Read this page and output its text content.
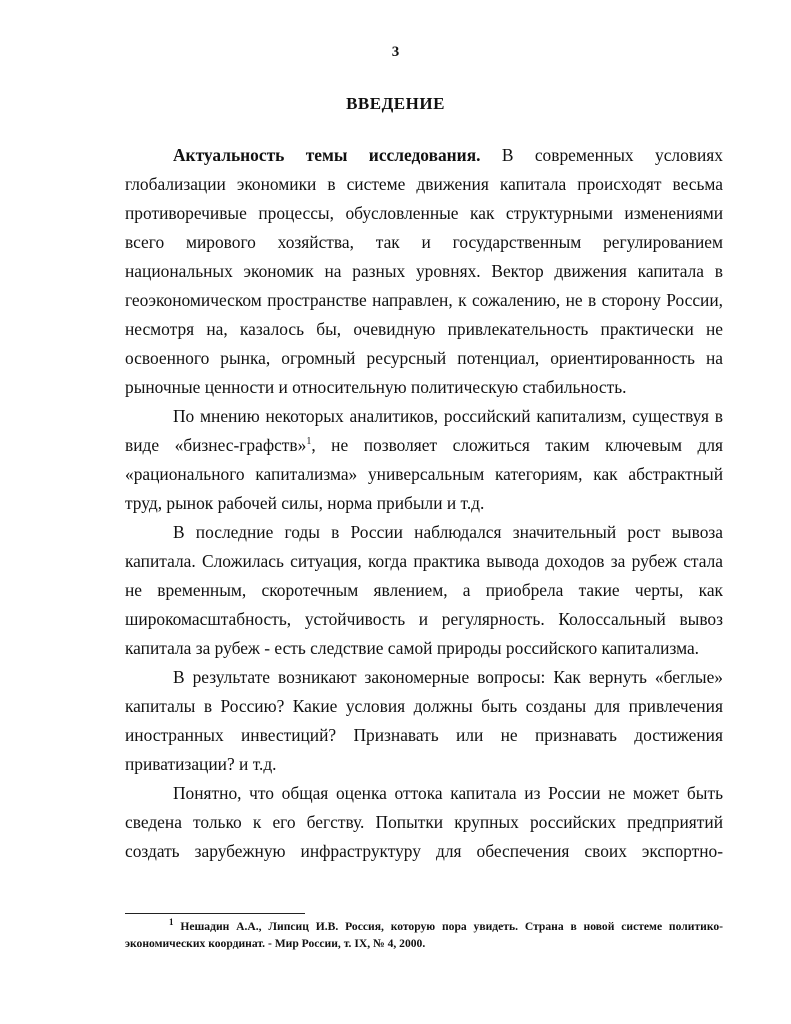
3
ВВЕДЕНИЕ
Актуальность темы исследования. В современных условиях
глобализации экономики в системе движения капитала происходят весьма
противоречивые процессы, обусловленные как структурными изменениями
всего мирового хозяйства, так и государственным регулированием
национальных экономик на разных уровнях. Вектор движения капитала в
геоэкономическом пространстве направлен, к сожалению, не в сторону России,
несмотря на, казалось бы, очевидную привлекательность практически не
освоенного рынка, огромный ресурсный потенциал, ориентированность на
рыночные ценности и относительную политическую стабильность.
По мнению некоторых аналитиков, российский капитализм, существуя в
виде «бизнес-графств»$^1$, не позволяет сложиться таким ключевым для
«рационального капитализма» универсальным категориям, как абстрактный
труд, рынок рабочей силы, норма прибыли и т.д.
В последние годы в России наблюдался значительный рост вывоза
капитала. Сложилась ситуация, когда практика вывода доходов за рубеж стала
не временным, скоротечным явлением, а приобрела такие черты, как
широкомасштабность, устойчивость и регулярность. Колоссальный вывоз
капитала за рубеж - есть следствие самой природы российского капитализма.
В результате возникают закономерные вопросы: Как вернуть «беглые»
капиталы в Россию? Какие условия должны быть созданы для привлечения
иностранных инвестиций? Признавать или не признавать достижения
приватизации? и т.д.
Понятно, что общая оценка оттока капитала из России не может быть
сведена только к его бегству. Попытки крупных российских предприятий
создать зарубежную инфраструктуру для обеспечения своих экспортно-
$^1$ Нешадин А.А., Липсиц И.В. Россия, которую пора увидеть. Страна в новой системе политико-
экономических координат. - Мир России, т. IX, № 4, 2000.
